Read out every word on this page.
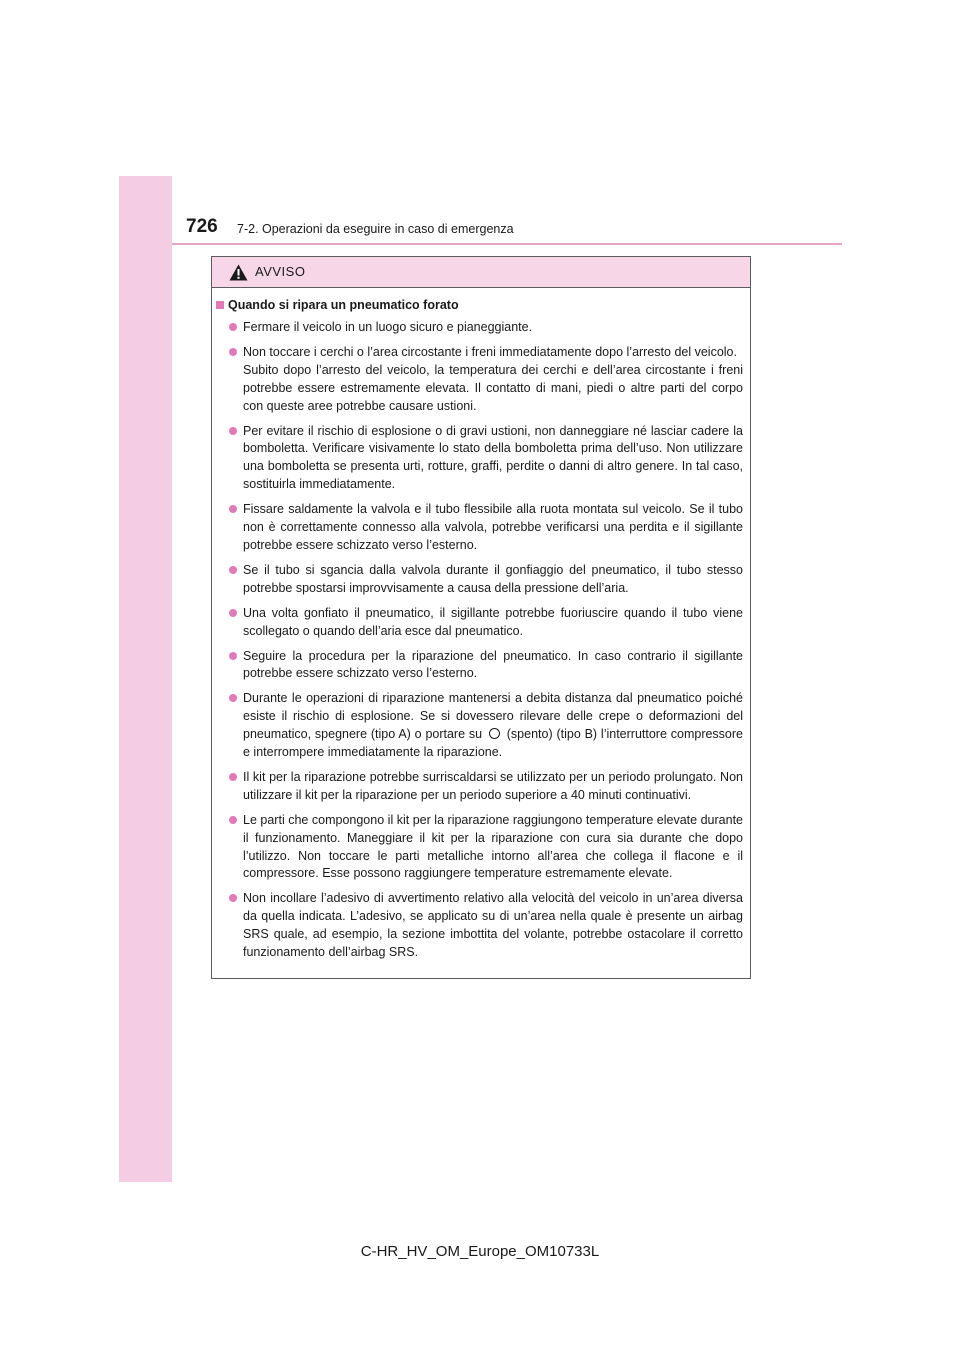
726 7-2. Operazioni da eseguire in caso di emergenza
AVVISO
Quando si ripara un pneumatico forato

Fermare il veicolo in un luogo sicuro e pianeggiante.

Non toccare i cerchi o l’area circostante i freni immediatamente dopo l’arresto del veicolo.

Subito dopo l’arresto del veicolo, la temperatura dei cerchi e dell’area circostante i freni potrebbe essere estremamente elevata. Il contatto di mani, piedi o altre parti del corpo con queste aree potrebbe causare ustioni.

Per evitare il rischio di esplosione o di gravi ustioni, non danneggiare né lasciar cadere la bomboletta. Verificare visivamente lo stato della bomboletta prima dell’uso. Non utilizzare una bomboletta se presenta urti, rotture, graffi, perdite o danni di altro genere. In tal caso, sostituirla immediatamente.

Fissare saldamente la valvola e il tubo flessibile alla ruota montata sul veicolo. Se il tubo non è correttamente connesso alla valvola, potrebbe verificarsi una perdita e il sigillante potrebbe essere schizzato verso l’esterno.

Se il tubo si sgancia dalla valvola durante il gonfiaggio del pneumatico, il tubo stesso potrebbe spostarsi improvvisamente a causa della pressione dell’aria.

Una volta gonfiato il pneumatico, il sigillante potrebbe fuoriuscire quando il tubo viene scollegato o quando dell’aria esce dal pneumatico.

Seguire la procedura per la riparazione del pneumatico. In caso contrario il sigillante potrebbe essere schizzato verso l’esterno.

Durante le operazioni di riparazione mantenersi a debita distanza dal pneumatico poiché esiste il rischio di esplosione. Se si dovessero rilevare delle crepe o deformazioni del pneumatico, spegnere (tipo A) o portare su (spento) (tipo B) l’interruttore compressore e interrompere immediatamente la riparazione.

Il kit per la riparazione potrebbe surriscaldarsi se utilizzato per un periodo prolungato. Non utilizzare il kit per la riparazione per un periodo superiore a 40 minuti continuativi.

Le parti che compongono il kit per la riparazione raggiungono temperature elevate durante il funzionamento. Maneggiare il kit per la riparazione con cura sia durante che dopo l’utilizzo. Non toccare le parti metalliche intorno all’area che collega il flacone e il compressore. Esse possono raggiungere temperature estremamente elevate.

Non incollare l’adesivo di avvertimento relativo alla velocità del veicolo in un’area diversa da quella indicata. L’adesivo, se applicato su di un’area nella quale è presente un airbag SRS quale, ad esempio, la sezione imbottita del volante, potrebbe ostacolare il corretto funzionamento dell’airbag SRS.

C-HR_HV_OM_Europe_OM10733L
